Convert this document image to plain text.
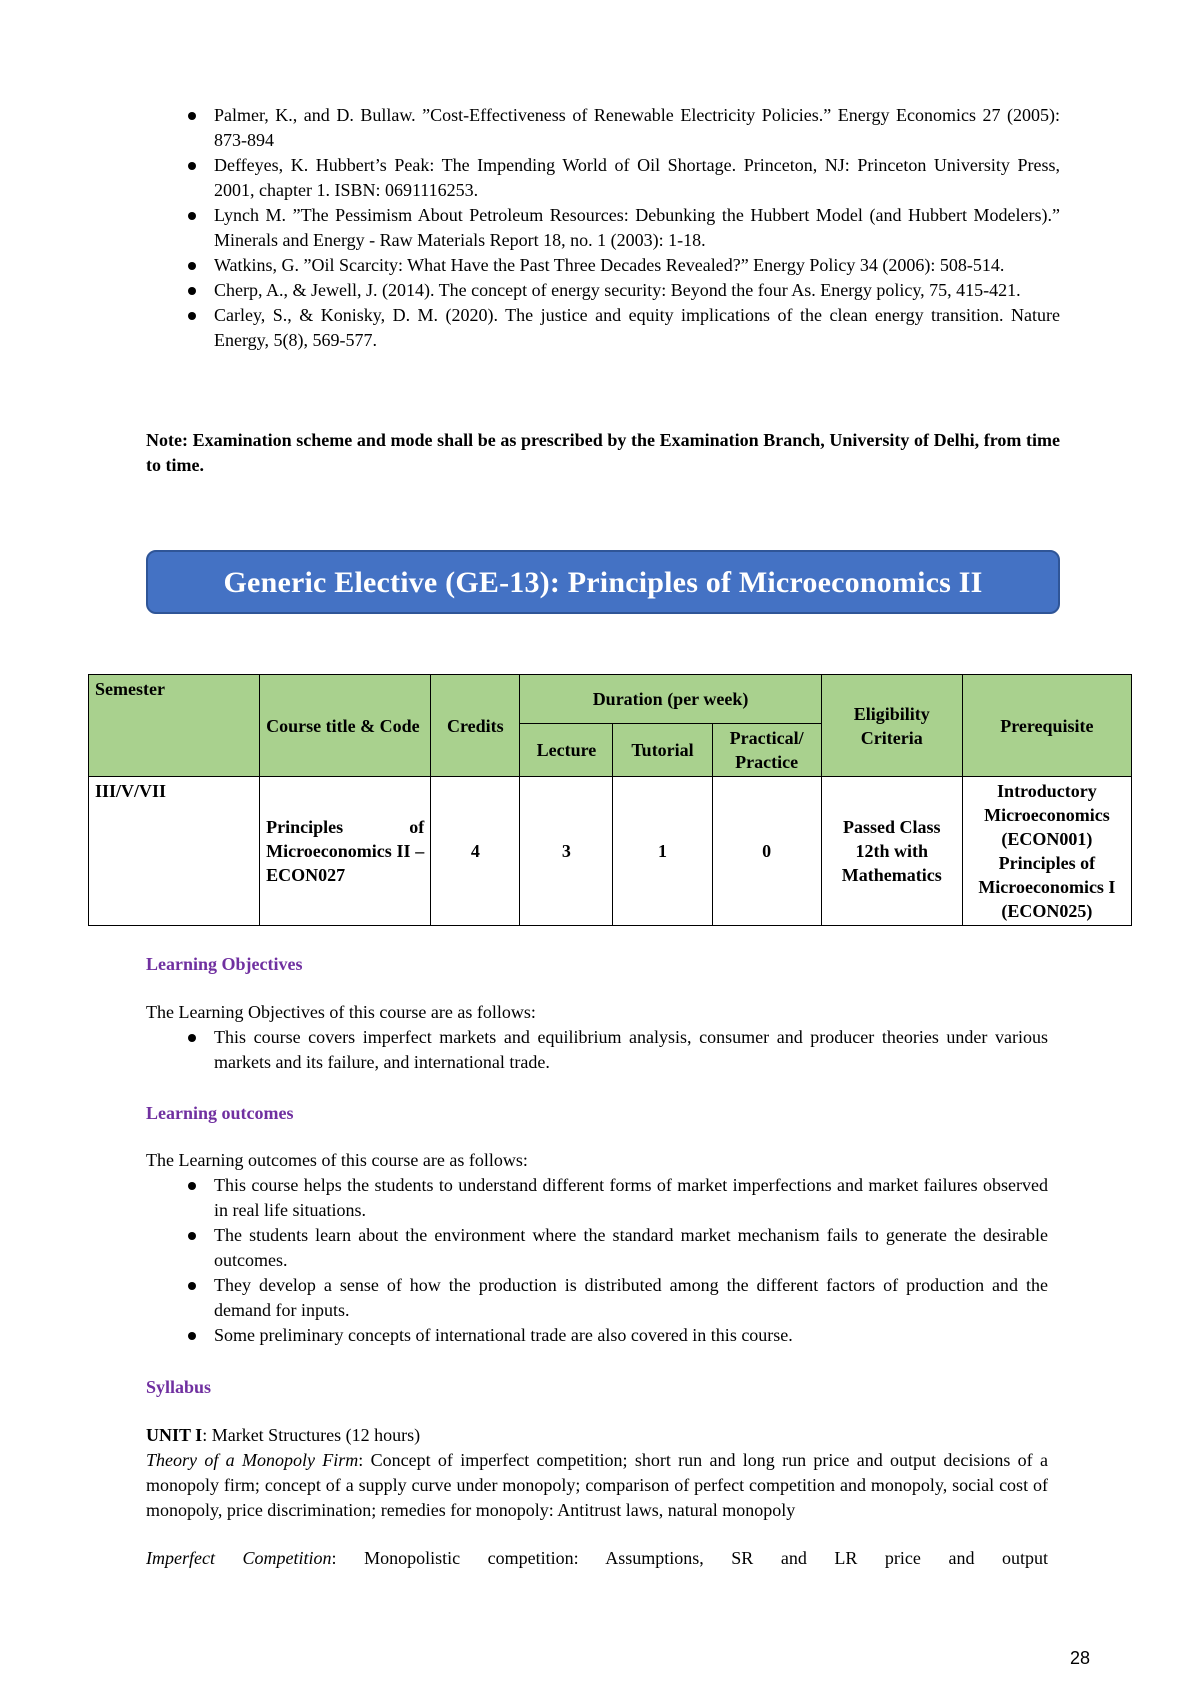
Palmer, K., and D. Bullaw. ”Cost-Effectiveness of Renewable Electricity Policies.” Energy Economics 27 (2005): 873-894
Deffeyes, K. Hubbert’s Peak: The Impending World of Oil Shortage. Princeton, NJ: Princeton University Press, 2001, chapter 1. ISBN: 0691116253.
Lynch M. ”The Pessimism About Petroleum Resources: Debunking the Hubbert Model (and Hubbert Modelers).” Minerals and Energy - Raw Materials Report 18, no. 1 (2003): 1-18.
Watkins, G. ”Oil Scarcity: What Have the Past Three Decades Revealed?” Energy Policy 34 (2006): 508-514.
Cherp, A., & Jewell, J. (2014). The concept of energy security: Beyond the four As. Energy policy, 75, 415-421.
Carley, S., & Konisky, D. M. (2020). The justice and equity implications of the clean energy transition. Nature Energy, 5(8), 569-577.
Note: Examination scheme and mode shall be as prescribed by the Examination Branch, University of Delhi, from time to time.
Generic Elective (GE-13): Principles of Microeconomics II
Semester	Course title & Code	Credits	Duration (per week)			Eligibility Criteria	Prerequisite
			Lecture	Tutorial	Practical/ Practice		
III/V/VII	Principles of Microeconomics II – ECON027	4	3	1	0	Passed Class 12th with Mathematics	Introductory Microeconomics (ECON001) Principles of Microeconomics I (ECON025)
Learning Objectives
The Learning Objectives of this course are as follows:
This course covers imperfect markets and equilibrium analysis, consumer and producer theories under various markets and its failure, and international trade.
Learning outcomes
The Learning outcomes of this course are as follows:
This course helps the students to understand different forms of market imperfections and market failures observed in real life situations.
The students learn about the environment where the standard market mechanism fails to generate the desirable outcomes.
They develop a sense of how the production is distributed among the different factors of production and the demand for inputs.
Some preliminary concepts of international trade are also covered in this course.
Syllabus
UNIT I: Market Structures (12 hours)
Theory of a Monopoly Firm: Concept of imperfect competition; short run and long run price and output decisions of a monopoly firm; concept of a supply curve under monopoly; comparison of perfect competition and monopoly, social cost of monopoly, price discrimination; remedies for monopoly: Antitrust laws, natural monopoly
Imperfect Competition: Monopolistic competition: Assumptions, SR and LR price and output
28
